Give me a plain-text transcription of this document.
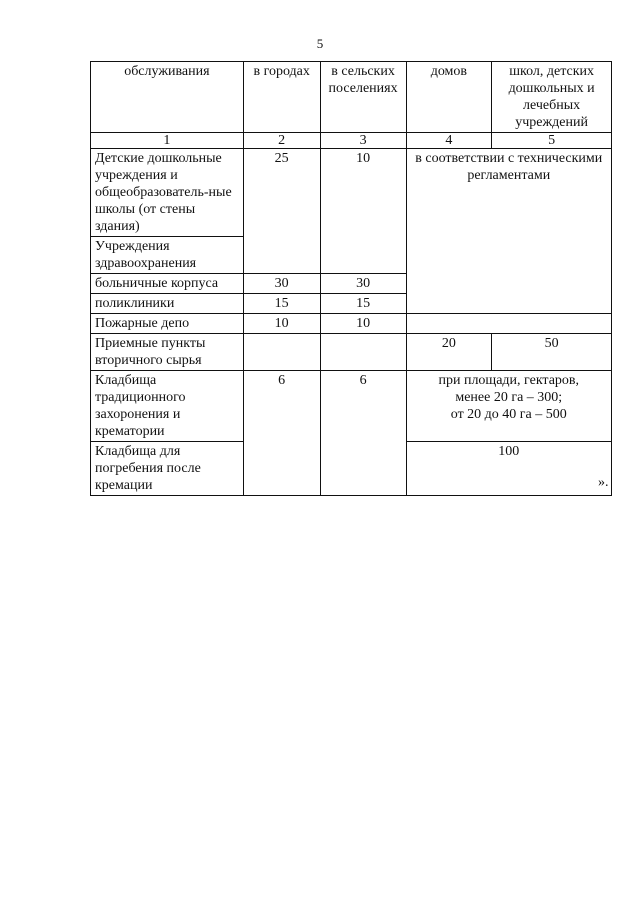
5
обслуживания	в городах	в сельских поселениях	домов	школ, детских дошкольных и лечебных учреждений
1	2	3	4	5
Детские дошкольные учреждения и общеобразователь-ные школы (от стены здания)	25	10	в соответствии с техническими регламентами	
Учреждения здравоохранения				
больничные корпуса	30	30		
поликлиники	15	15		
Пожарные депо	10	10		
Приемные пункты вторичного сырья			20	50
Кладбища традиционного захоронения и крематории	6	6	при площади, гектаров,
менее 20 га – 300;
от 20 до 40 га – 500	

Кладбища для погребения после кремации			100	
».
